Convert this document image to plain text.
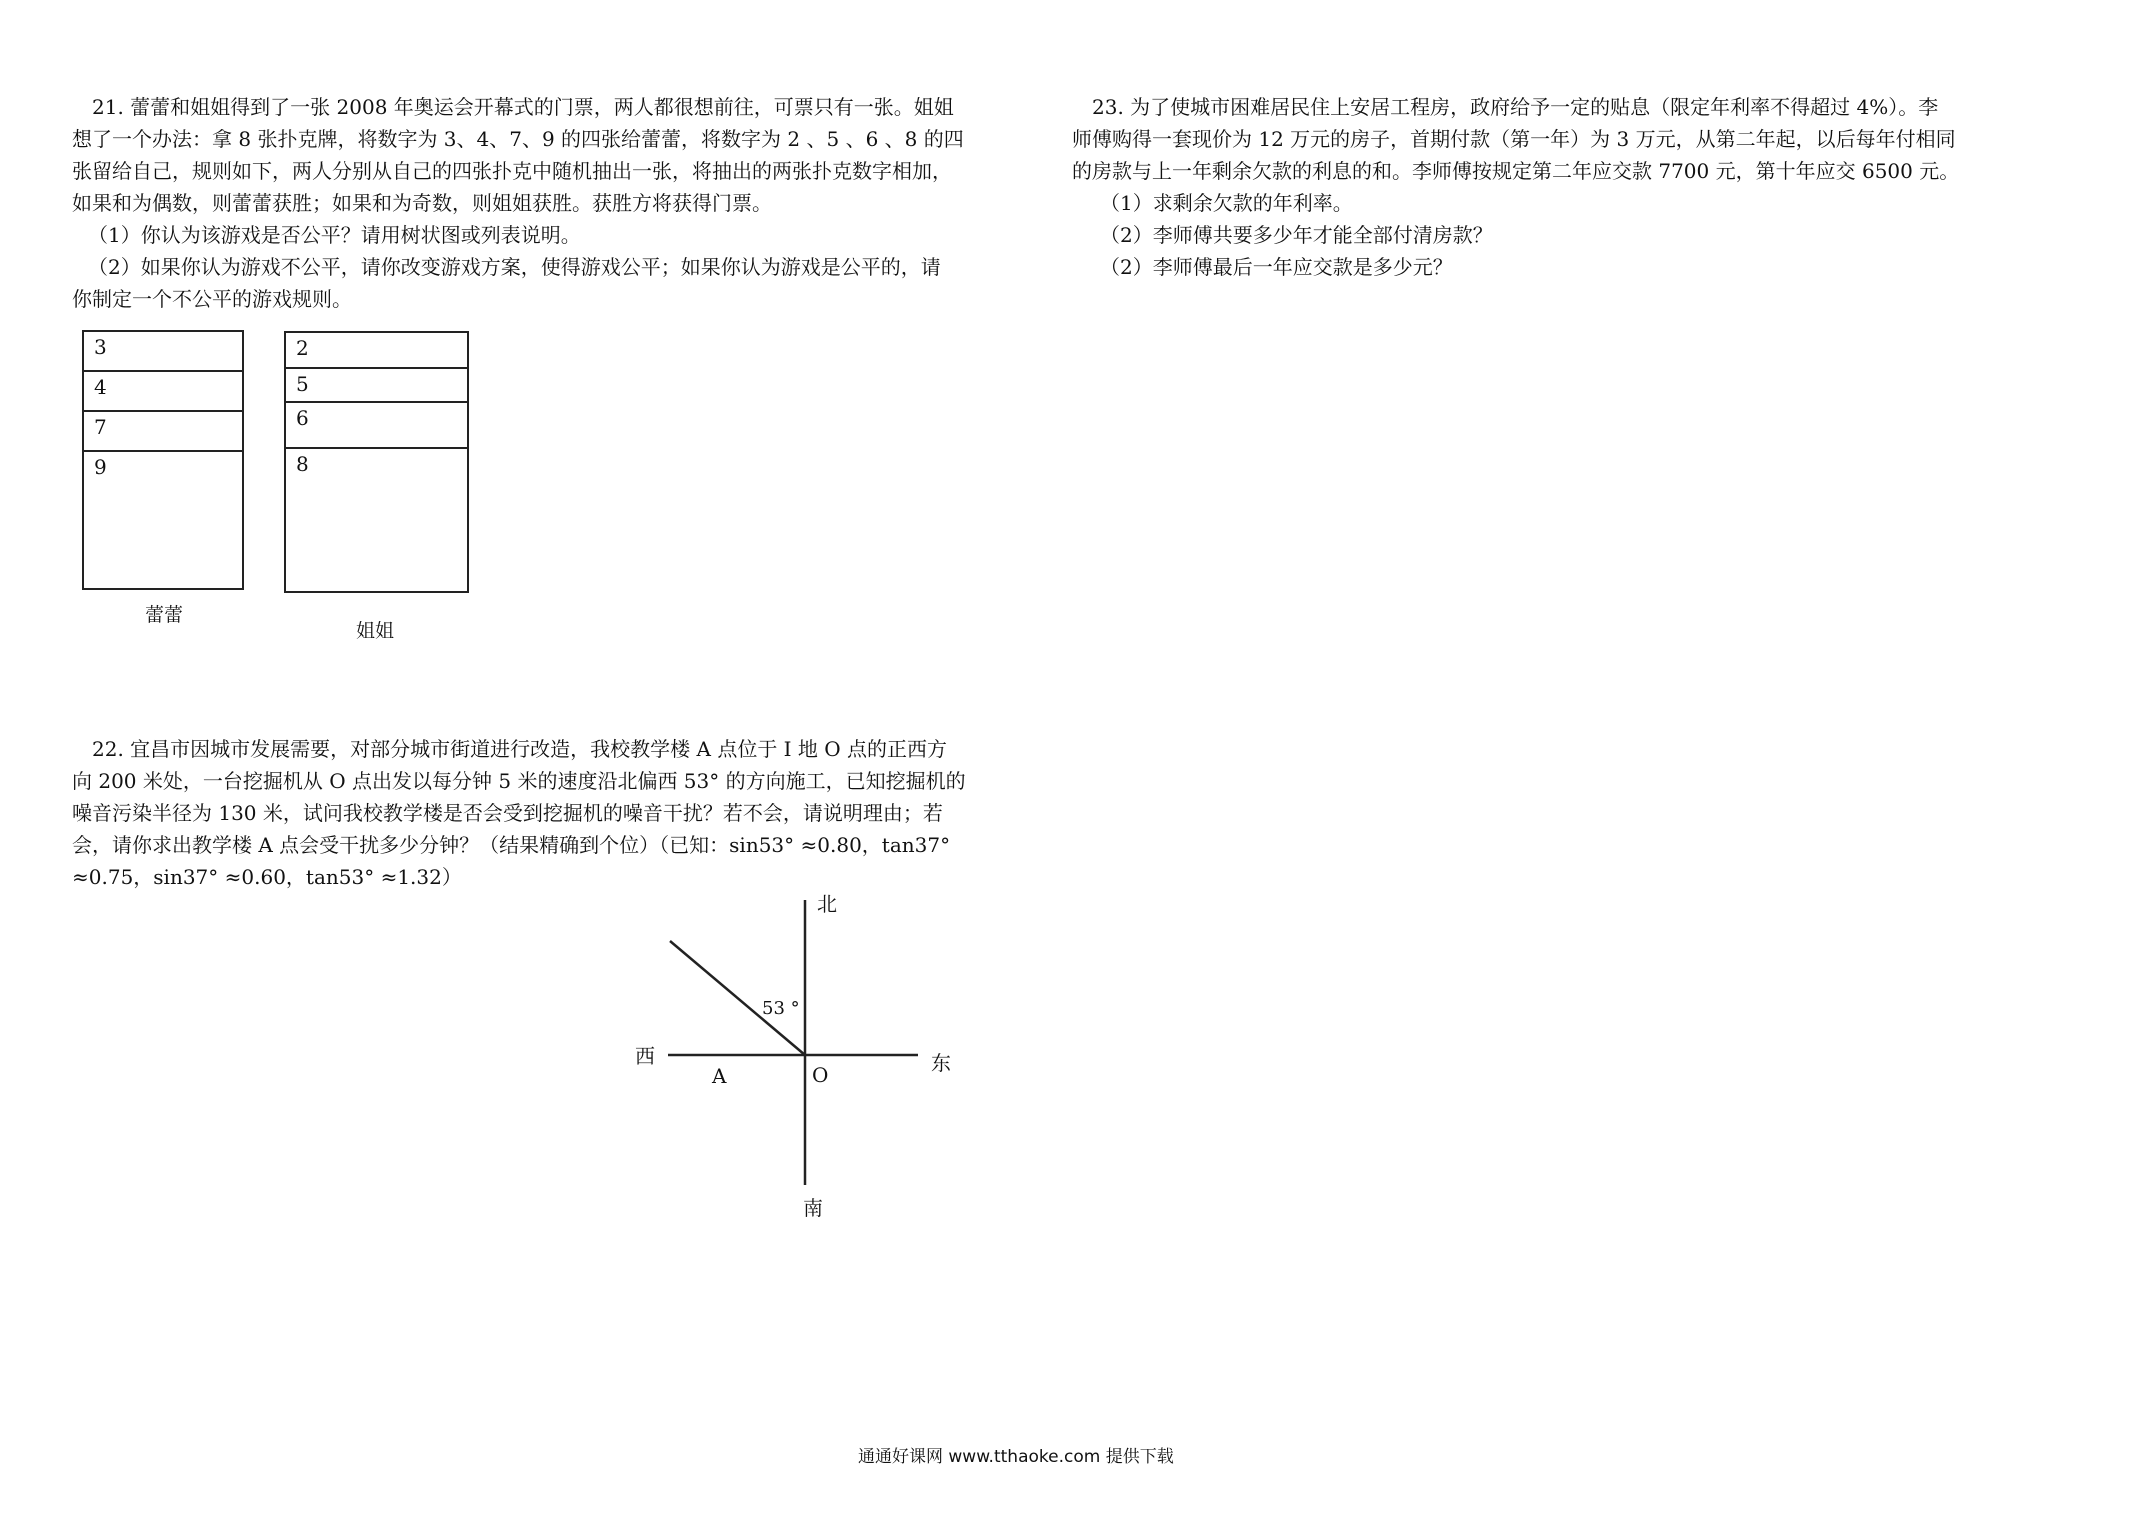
21. 蕾蕾和姐姐得到了一张 2008 年奥运会开幕式的门票，两人都很想前往，可票只有一张。姐姐
想了一个办法：拿 8 张扑克牌，将数字为 3、4、7、9 的四张给蕾蕾，将数字为 2 、5 、6 、8 的四
张留给自己，规则如下，两人分别从自己的四张扑克中随机抽出一张，将抽出的两张扑克数字相加，
如果和为偶数，则蕾蕾获胜；如果和为奇数，则姐姐获胜。获胜方将获得门票。
（1）你认为该游戏是否公平？请用树状图或列表说明。
（2）如果你认为游戏不公平，请你改变游戏方案，使得游戏公平；如果你认为游戏是公平的，请
你制定一个不公平的游戏规则。
3
4
7
9
蕾蕾
2
5
6
8
姐姐
22. 宜昌市因城市发展需要，对部分城市街道进行改造，我校教学楼 A 点位于 I 地 O 点的正西方
向 200 米处，一台挖掘机从 O 点出发以每分钟 5 米的速度沿北偏西 53° 的方向施工，已知挖掘机的
噪音污染半径为 130 米，试问我校教学楼是否会受到挖掘机的噪音干扰？若不会，请说明理由；若
会，请你求出教学楼 A 点会受干扰多少分钟？（结果精确到个位）（已知：sin53° ≈0.80，tan37°
≈0.75，sin37° ≈0.60，tan53° ≈1.32）
北
南
西	东
A	O
53 °
23. 为了使城市困难居民住上安居工程房，政府给予一定的贴息（限定年利率不得超过 4%）。李
师傅购得一套现价为 12 万元的房子，首期付款（第一年）为 3 万元，从第二年起，以后每年付相同
的房款与上一年剩余欠款的利息的和。李师傅按规定第二年应交款 7700 元，第十年应交 6500 元。
（1）求剩余欠款的年利率。
（2）李师傅共要多少年才能全部付清房款？
（2）李师傅最后一年应交款是多少元？
通通好课网 www.tthaoke.com 提供下载
